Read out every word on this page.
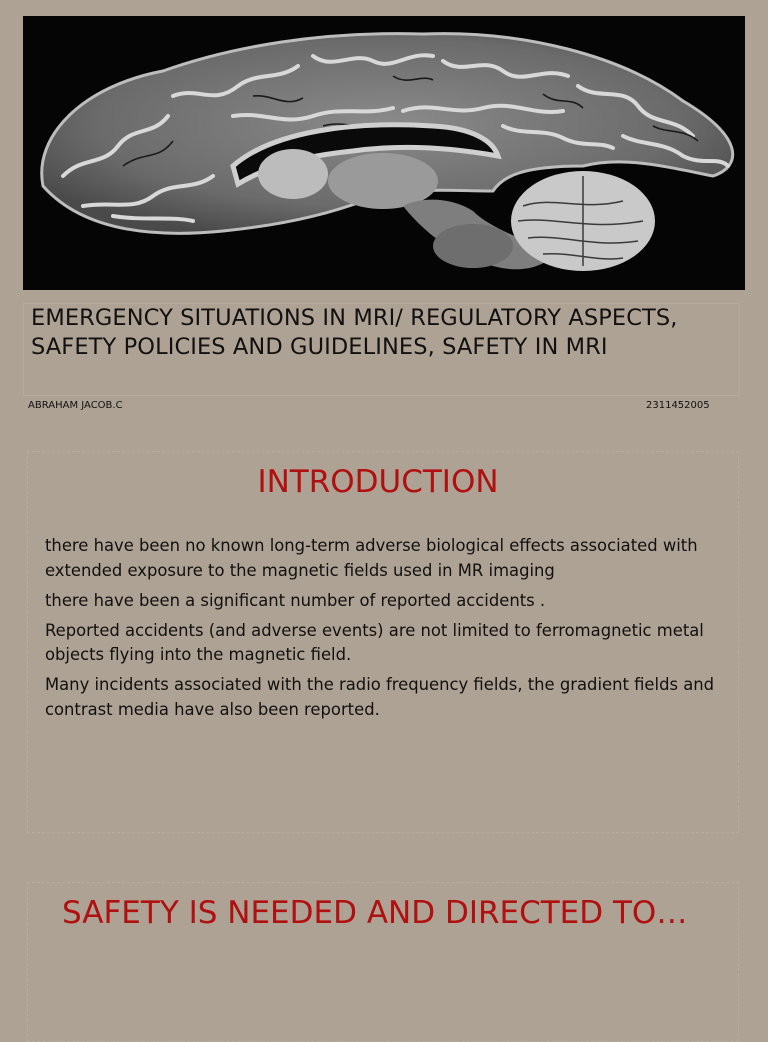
EMERGENCY SITUATIONS IN MRI/ REGULATORY ASPECTS, SAFETY POLICIES AND GUIDELINES, SAFETY IN MRI
ABRAHAM JACOB.C	2311452005
INTRODUCTION
there have been no known long-term adverse biological effects associated with extended exposure to the magnetic fields used in MR imaging
there have been a significant number of reported accidents .
Reported accidents (and adverse events) are not limited to ferromagnetic metal objects flying into the magnetic field.
Many incidents associated with the radio frequency fields, the gradient fields and contrast media have also been reported.
SAFETY IS NEEDED AND DIRECTED TO…
